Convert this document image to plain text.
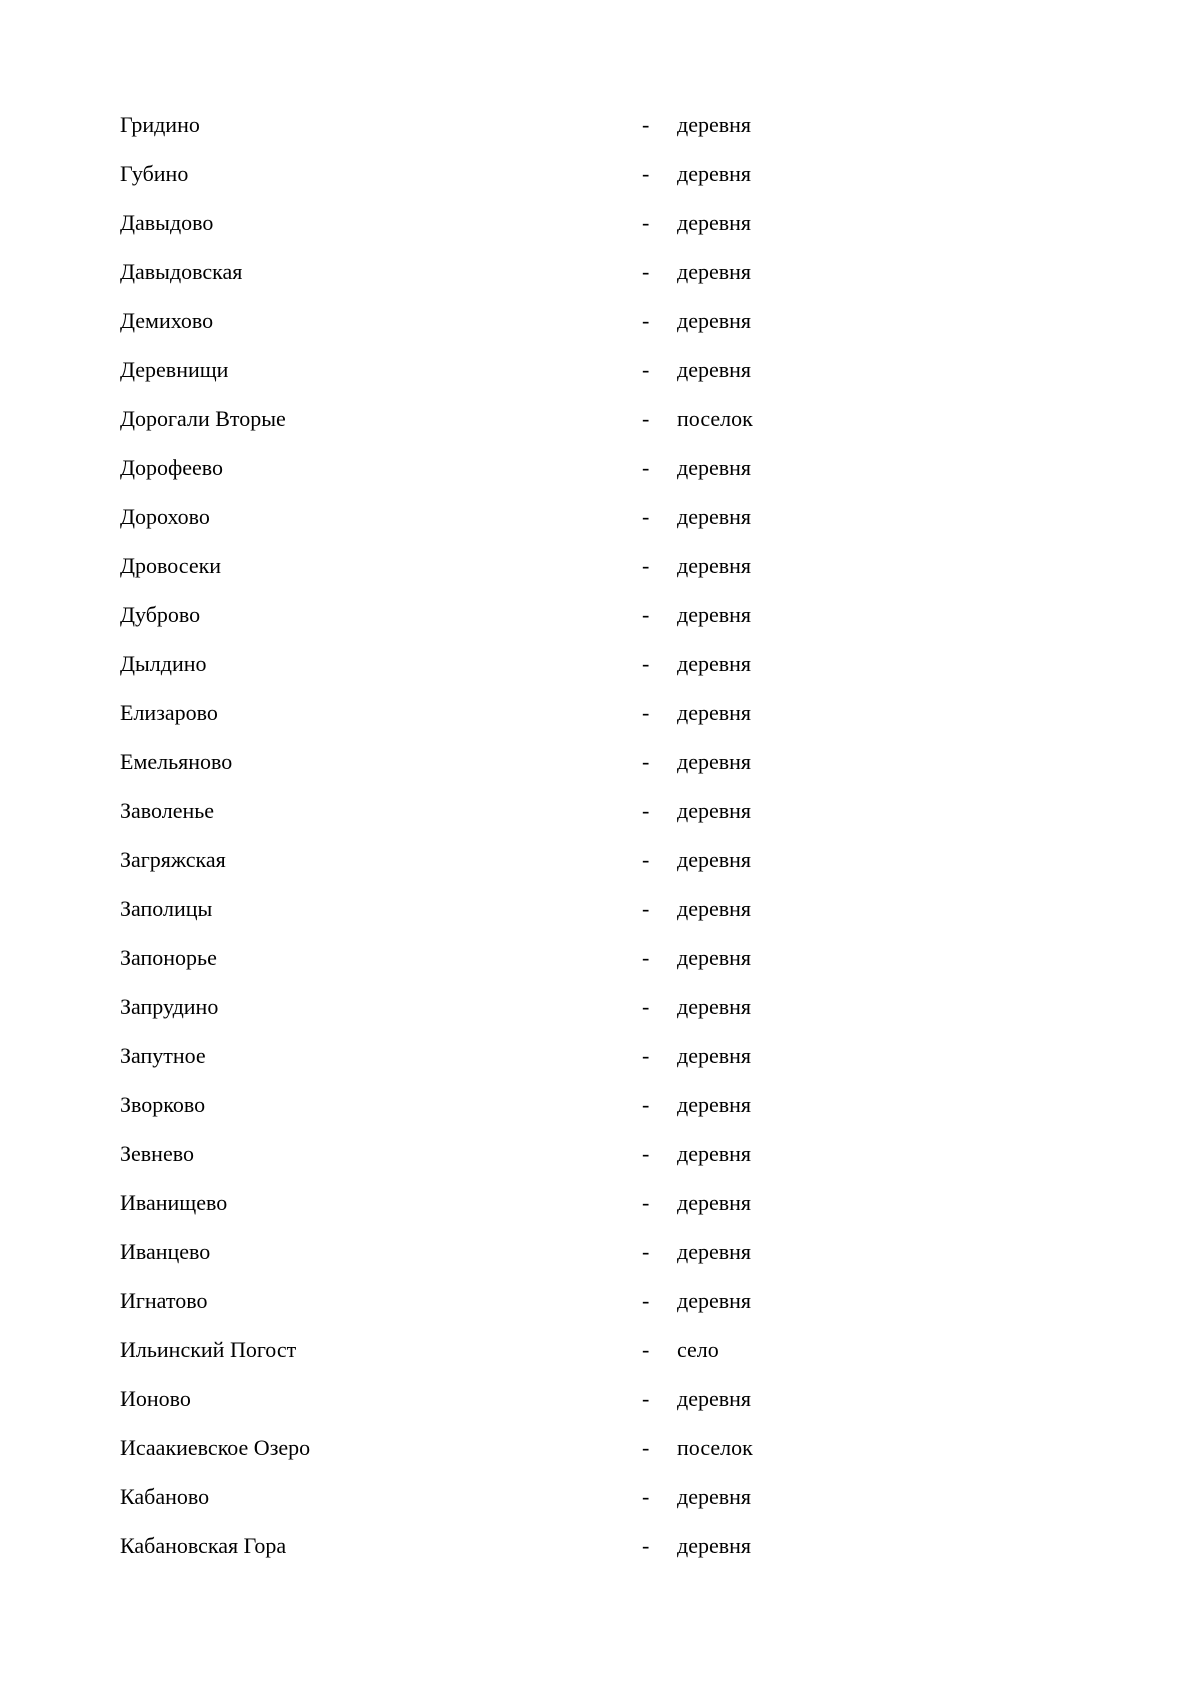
Гридино	- деревня
Губино	- деревня
Давыдово	- деревня
Давыдовская	- деревня
Демихово	- деревня
Деревнищи	- деревня
Дорогали Вторые	- поселок
Дорофеево	- деревня
Дорохово	- деревня
Дровосеки	- деревня
Дуброво	- деревня
Дылдино	- деревня
Елизарово	- деревня
Емельяново	- деревня
Заволенье	- деревня
Загряжская	- деревня
Заполицы	- деревня
Запонорье	- деревня
Запрудино	- деревня
Запутное	- деревня
Зворково	- деревня
Зевнево	- деревня
Иванищево	- деревня
Иванцево	- деревня
Игнатово	- деревня
Ильинский Погост	- село
Ионово	- деревня
Исаакиевское Озеро	- поселок
Кабаново	- деревня
Кабановская Гора	- деревня
